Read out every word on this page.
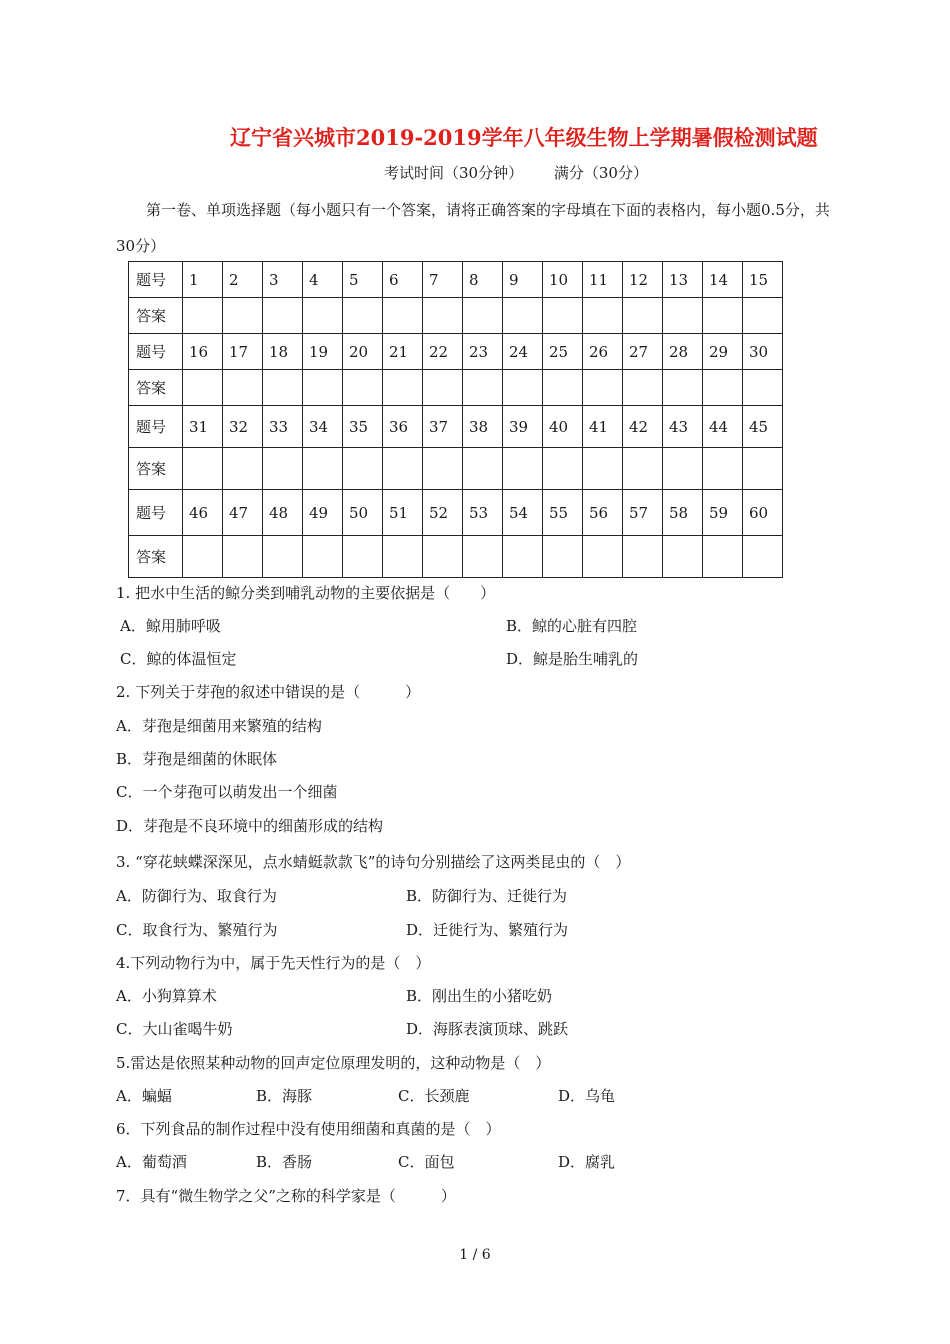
辽宁省兴城市2019-2019学年八年级生物上学期暑假检测试题
考试时间（30分钟） 满分（30分）
第一卷、单项选择题（每小题只有一个答案，请将正确答案的字母填在下面的表格内，每小题0.5分，共30分）
题号	1	2	3	4	5	6	7	8	9	10	11	12	13	14	15
答案															
题号	16	17	18	19	20	21	22	23	24	25	26	27	28	29	30
答案															
题号	31	32	33	34	35	36	37	38	39	40	41	42	43	44	45
答案															
题号	46	47	48	49	50	51	52	53	54	55	56	57	58	59	60
答案															
1. 把水中生活的鲸分类到哺乳动物的主要依据是（　　）
A．鲸用肺呼吸	B．鲸的心脏有四腔
C．鲸的体温恒定	D．鲸是胎生哺乳的
2. 下列关于芽孢的叙述中错误的是（　　　）
A．芽孢是细菌用来繁殖的结构
B．芽孢是细菌的休眠体
C．一个芽孢可以萌发出一个细菌
D．芽孢是不良环境中的细菌形成的结构
3. “穿花蛱蝶深深见，点水蜻蜓款款飞”的诗句分别描绘了这两类昆虫的（　）
A．防御行为、取食行为	B．防御行为、迁徙行为
C．取食行为、繁殖行为	D．迁徙行为、繁殖行为
4.下列动物行为中，属于先天性行为的是（　）
A．小狗算算术	B．刚出生的小猪吃奶
C．大山雀喝牛奶	D．海豚表演顶球、跳跃
5.雷达是依照某种动物的回声定位原理发明的，这种动物是（　）
A．蝙蝠	B．海豚	C．长颈鹿	D．乌龟
6．下列食品的制作过程中没有使用细菌和真菌的是（　）
A．葡萄酒	B．香肠	C．面包	D．腐乳
7．具有“微生物学之父”之称的科学家是（　　　）
1 / 6
